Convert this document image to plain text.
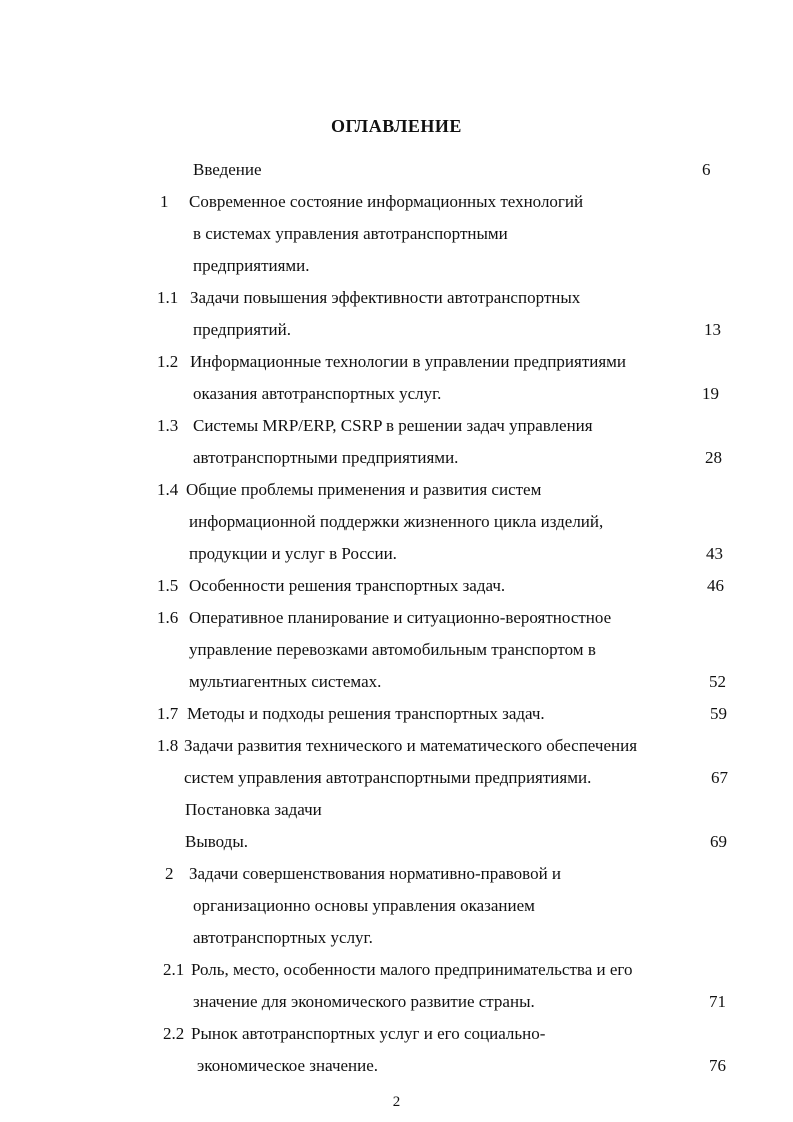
ОГЛАВЛЕНИЕ
Введение	6
1 Современное состояние информационных технологий
в системах управления автотранспортными
предприятиями.
1.1 Задачи повышения эффективности автотранспортных
предприятий.	13
1.2 Информационные технологии в управлении предприятиями
оказания автотранспортных услуг.	19
1.3 Системы MRP/ERP, CSRP в решении задач управления
автотранспортными предприятиями.	28
1.4 Общие проблемы применения и развития систем
информационной поддержки жизненного цикла изделий,
продукции и услуг в России.	43
1.5 Особенности решения транспортных задач.	46
1.6 Оперативное планирование и ситуационно-вероятностное
управление перевозками автомобильным транспортом в
мультиагентных системах.	52
1.7 Методы и подходы решения транспортных задач.	59
1.8 Задачи развития технического и математического обеспечения
систем управления автотранспортными предприятиями.	67
Постановка задачи
Выводы.	69
2 Задачи совершенствования нормативно-правовой и
организационно основы управления оказанием
автотранспортных услуг.
2.1 Роль, место, особенности малого предпринимательства и его
значение для экономического развитие страны.	71
2.2 Рынок автотранспортных услуг и его социально-
экономическое значение.	76
2
